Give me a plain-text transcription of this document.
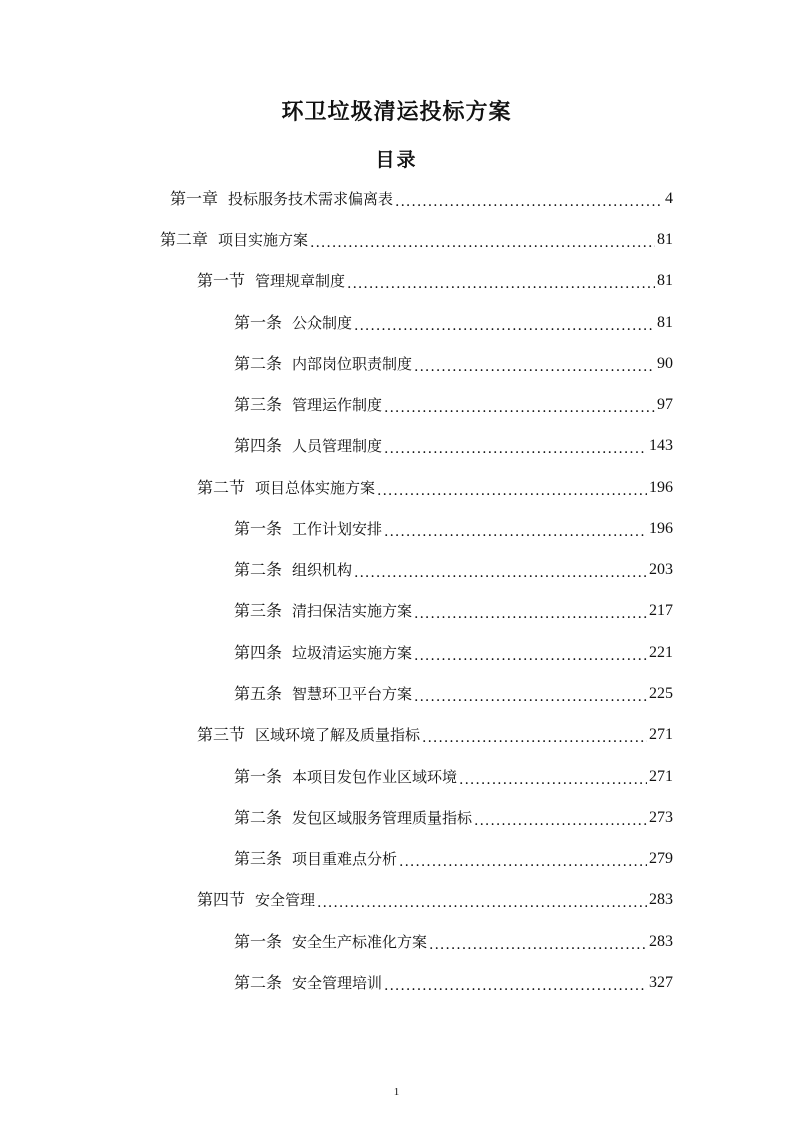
环卫垃圾清运投标方案
目录
第一章 投标服务技术需求偏离表 .....	4
第二章 项目实施方案 .....	81
第一节 管理规章制度 .....	81
第一条 公众制度 .....	81
第二条 内部岗位职责制度 .....	90
第三条 管理运作制度 .....	97
第四条 人员管理制度 .....	143
第二节 项目总体实施方案 .....	196
第一条 工作计划安排 .....	196
第二条 组织机构 .....	203
第三条 清扫保洁实施方案 .....	217
第四条 垃圾清运实施方案 .....	221
第五条 智慧环卫平台方案 .....	225
第三节 区域环境了解及质量指标 .....	271
第一条 本项目发包作业区域环境 .....	271
第二条 发包区域服务管理质量指标 .....	273
第三条 项目重难点分析 .....	279
第四节 安全管理 .....	283
第一条 安全生产标准化方案 .....	283
第二条 安全管理培训 .....	327
1
